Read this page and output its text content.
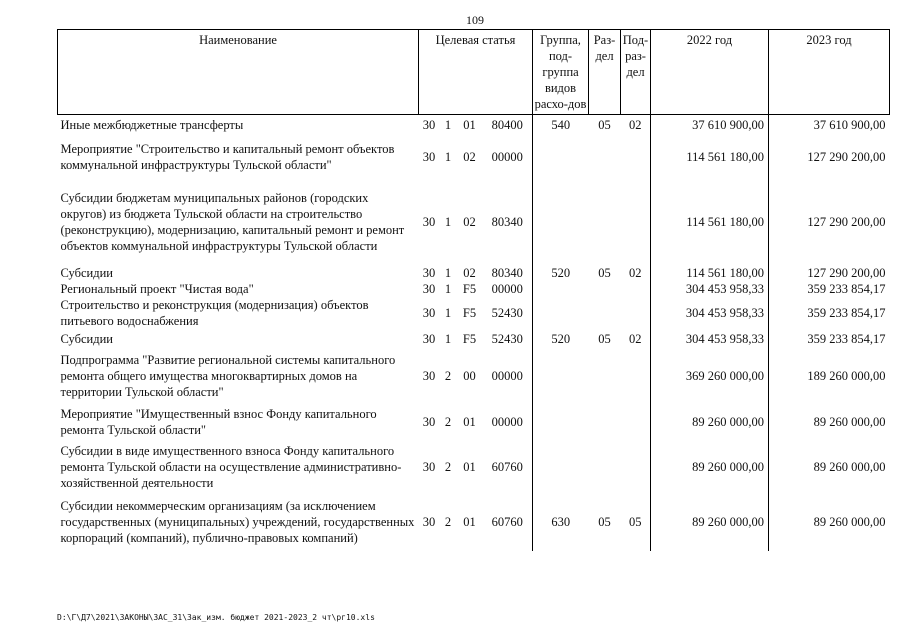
109
Наименование	Целевая статья				Группа, под-группа видов расхо-дов	Раз-дел	Под-раз-дел	2022 год	2023 год
Иные межбюджетные трансферты	30	1	01	80400	540	05	02	37 610 900,00	37 610 900,00
Мероприятие "Строительство и капитальный ремонт объектов коммунальной инфраструктуры Тульской области"	30	1	02	00000				114 561 180,00	127 290 200,00
Субсидии бюджетам муниципальных районов (городских округов) из бюджета Тульской области на строительство (реконструкцию), модернизацию, капитальный ремонт и ремонт объектов коммунальной инфраструктуры Тульской области	30	1	02	80340				114 561 180,00	127 290 200,00
Субсидии	30	1	02	80340	520	05	02	114 561 180,00	127 290 200,00
Региональный проект "Чистая вода"	30	1	F5	00000				304 453 958,33	359 233 854,17
Строительство и реконструкция (модернизация) объектов питьевого водоснабжения	30	1	F5	52430				304 453 958,33	359 233 854,17
Субсидии	30	1	F5	52430	520	05	02	304 453 958,33	359 233 854,17
Подпрограмма "Развитие региональной системы капитального ремонта общего имущества многоквартирных домов на территории Тульской области"	30	2	00	00000				369 260 000,00	189 260 000,00
Мероприятие "Имущественный взнос Фонду капитального ремонта Тульской области"	30	2	01	00000				89 260 000,00	89 260 000,00
Субсидии в виде имущественного взноса Фонду капитального ремонта Тульской области на осуществление административно-хозяйственной деятельности	30	2	01	60760				89 260 000,00	89 260 000,00
Субсидии некоммерческим организациям (за исключением государственных (муниципальных) учреждений, государственных корпораций (компаний), публично-правовых компаний)	30	2	01	60760	630	05	05	89 260 000,00	89 260 000,00
D:\Г\Д7\2021\ЗАКОНЫ\ЗАС_31\Зак_изм. бюджет 2021-2023_2 чт\рг10.xls
